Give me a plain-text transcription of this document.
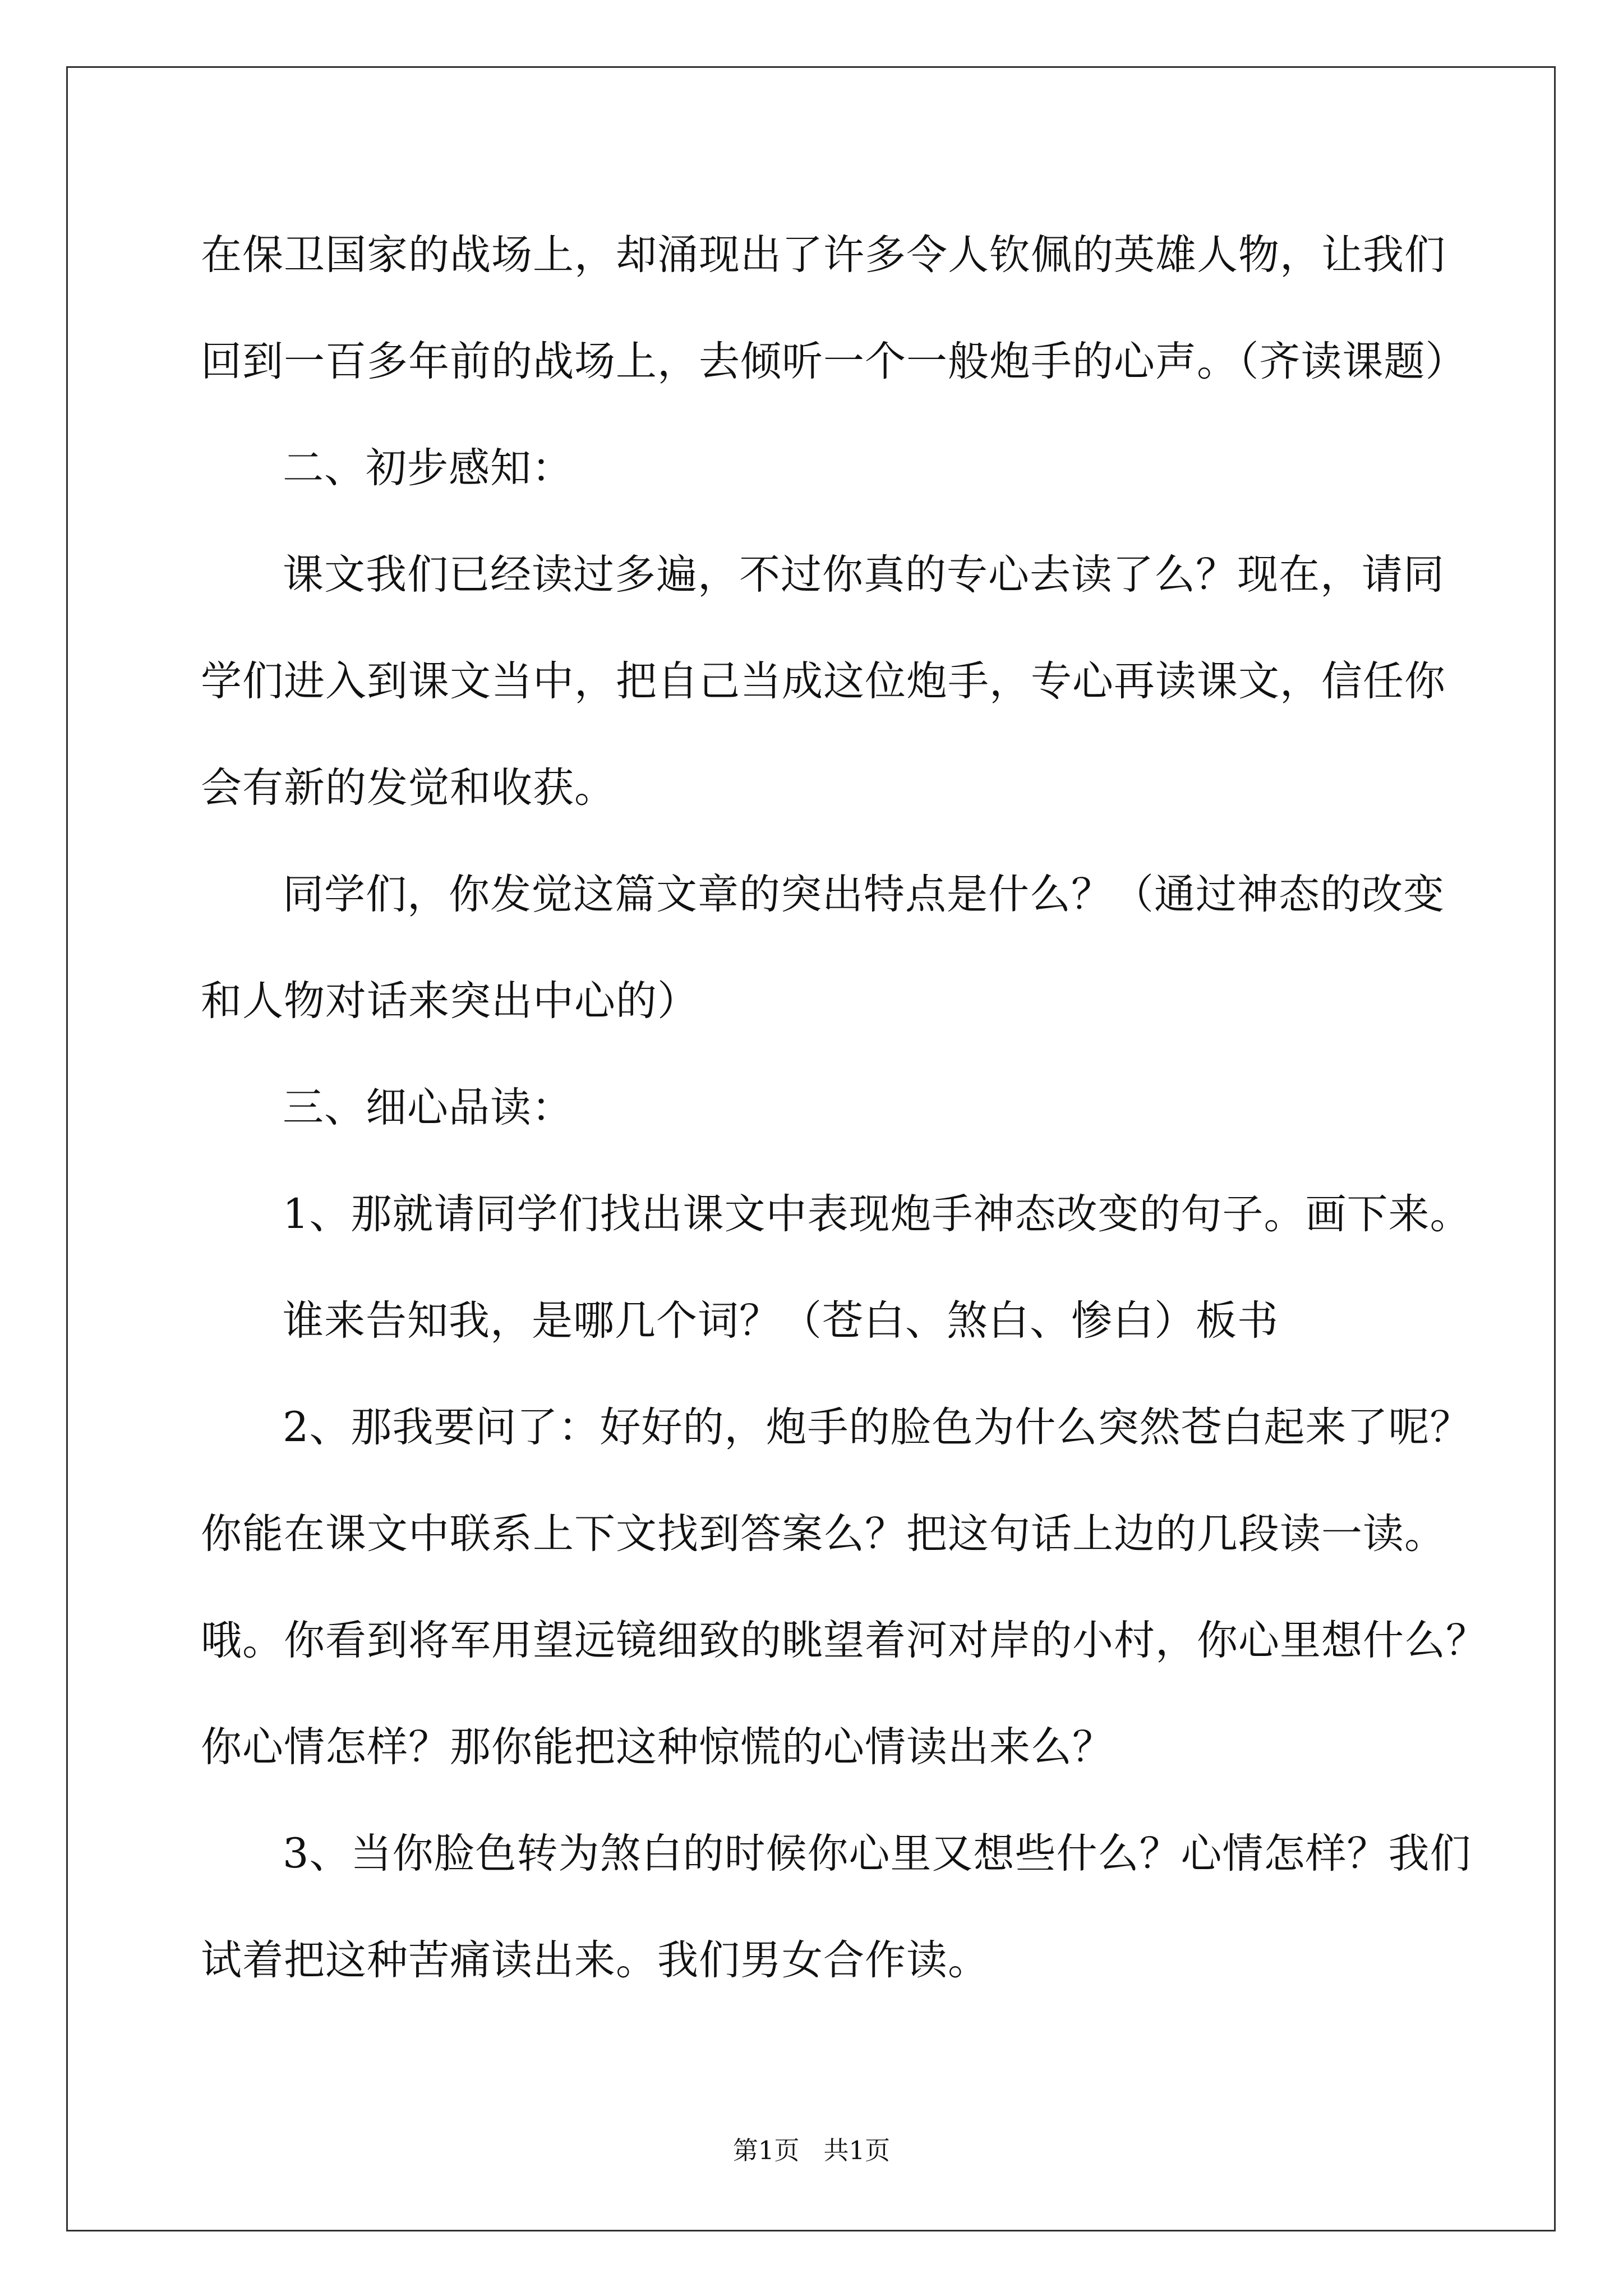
在保卫国家的战场上，却涌现出了许多令人钦佩的英雄人物，让我们
回到一百多年前的战场上，去倾听一个一般炮手的心声。（齐读课题）
二、初步感知：
课文我们已经读过多遍，不过你真的专心去读了么？现在，请同
学们进入到课文当中，把自己当成这位炮手，专心再读课文，信任你
会有新的发觉和收获。
同学们，你发觉这篇文章的突出特点是什么？（通过神态的改变
和人物对话来突出中心的）
三、细心品读：
1、那就请同学们找出课文中表现炮手神态改变的句子。画下来。
谁来告知我，是哪几个词？（苍白、煞白、惨白）板书
2、那我要问了：好好的，炮手的脸色为什么突然苍白起来了呢？
你能在课文中联系上下文找到答案么？把这句话上边的几段读一读。
哦。你看到将军用望远镜细致的眺望着河对岸的小村，你心里想什么？
你心情怎样？那你能把这种惊慌的心情读出来么？
3、当你脸色转为煞白的时候你心里又想些什么？心情怎样？我们
试着把这种苦痛读出来。我们男女合作读。
第1页   共1页
